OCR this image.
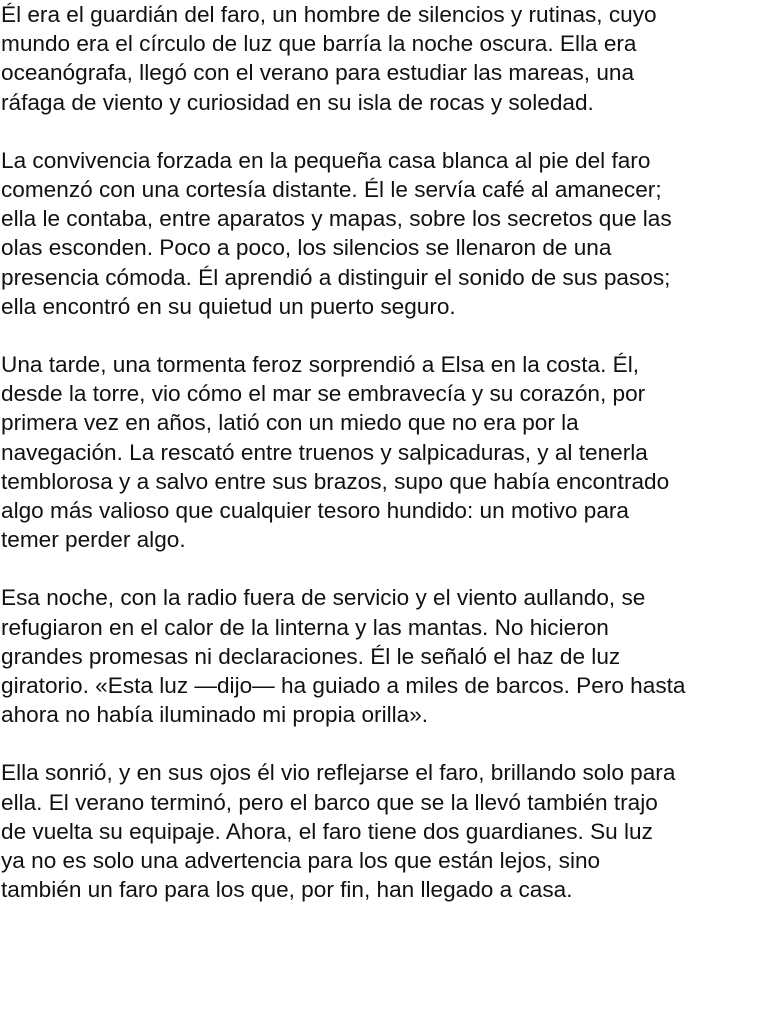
Él era el guardián del faro, un hombre de silencios y rutinas, cuyo
mundo era el círculo de luz que barría la noche oscura. Ella era
oceanógrafa, llegó con el verano para estudiar las mareas, una
ráfaga de viento y curiosidad en su isla de rocas y soledad.

La convivencia forzada en la pequeña casa blanca al pie del faro
comenzó con una cortesía distante. Él le servía café al amanecer;
ella le contaba, entre aparatos y mapas, sobre los secretos que las
olas esconden. Poco a poco, los silencios se llenaron de una
presencia cómoda. Él aprendió a distinguir el sonido de sus pasos;
ella encontró en su quietud un puerto seguro.

Una tarde, una tormenta feroz sorprendió a Elsa en la costa. Él,
desde la torre, vio cómo el mar se embravecía y su corazón, por
primera vez en años, latió con un miedo que no era por la
navegación. La rescató entre truenos y salpicaduras, y al tenerla
temblorosa y a salvo entre sus brazos, supo que había encontrado
algo más valioso que cualquier tesoro hundido: un motivo para
temer perder algo.

Esa noche, con la radio fuera de servicio y el viento aullando, se
refugiaron en el calor de la linterna y las mantas. No hicieron
grandes promesas ni declaraciones. Él le señaló el haz de luz
giratorio. «Esta luz —dijo— ha guiado a miles de barcos. Pero hasta
ahora no había iluminado mi propia orilla».

Ella sonrió, y en sus ojos él vio reflejarse el faro, brillando solo para
ella. El verano terminó, pero el barco que se la llevó también trajo
de vuelta su equipaje. Ahora, el faro tiene dos guardianes. Su luz
ya no es solo una advertencia para los que están lejos, sino
también un faro para los que, por fin, han llegado a casa.
